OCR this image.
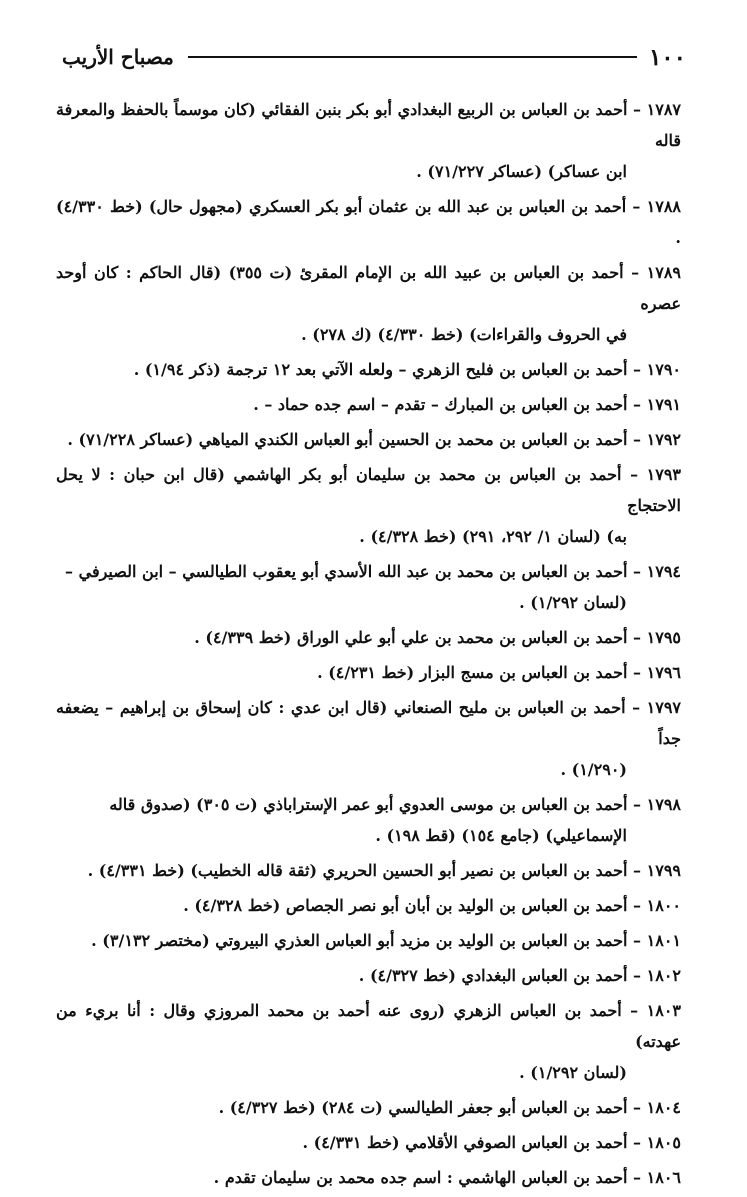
١٠٠
مصباح الأريب
١٧٨٧ – أحمد بن العباس بن الربيع البغدادي أبو بكر بنبن الفقائي (كان موسماً بالحفظ والمعرفة قاله
ابن عساكر) (عساكر ٧١/٢٢٧) .
١٧٨٨ – أحمد بن العباس بن عبد الله بن عثمان أبو بكر العسكري (مجهول حال) (خط ٤/٣٣٠) .
١٧٨٩ – أحمد بن العباس بن عبيد الله بن الإمام المقرئ (ت ٣٥٥) (قال الحاكم : كان أوحد عصره
في الحروف والقراءات) (خط ٤/٣٣٠) (ك ٢٧٨) .
١٧٩٠ – أحمد بن العباس بن فليح الزهري – ولعله الآتي بعد ١٢ ترجمة (ذكر ١/٩٤) .
١٧٩١ – أحمد بن العباس بن المبارك – تقدم – اسم جده حماد – .
١٧٩٢ – أحمد بن العباس بن محمد بن الحسين أبو العباس الكندي المياهي (عساكر ٧١/٢٢٨) .
١٧٩٣ – أحمد بن العباس بن محمد بن سليمان أبو بكر الهاشمي (قال ابن حبان : لا يحل الاحتجاج
به) (لسان ١/ ٢٩٢، ٢٩١) (خط ٤/٣٢٨) .
١٧٩٤ – أحمد بن العباس بن محمد بن عبد الله الأسدي أبو يعقوب الطيالسي – ابن الصيرفي –
(لسان ١/٢٩٢) .
١٧٩٥ – أحمد بن العباس بن محمد بن علي أبو علي الوراق (خط ٤/٣٣٩) .
١٧٩٦ – أحمد بن العباس بن مسج البزار (خط ٤/٢٣١) .
١٧٩٧ – أحمد بن العباس بن مليح الصنعاني (قال ابن عدي : كان إسحاق بن إبراهيم – يضعفه جداً
(١/٢٩٠) .
١٧٩٨ – أحمد بن العباس بن موسى العدوي أبو عمر الإستراباذي (ت ٣٠٥) (صدوق قاله
الإسماعيلي) (جامع ١٥٤) (قط ١٩٨) .
١٧٩٩ – أحمد بن العباس بن نصير أبو الحسين الحريري (ثقة قاله الخطيب) (خط ٤/٣٣١) .
١٨٠٠ – أحمد بن العباس بن الوليد بن أبان أبو نصر الجصاص (خط ٤/٣٢٨) .
١٨٠١ – أحمد بن العباس بن الوليد بن مزيد أبو العباس العذري البيروتي (مختصر ٣/١٣٢) .
١٨٠٢ – أحمد بن العباس البغدادي (خط ٤/٣٢٧) .
١٨٠٣ – أحمد بن العباس الزهري (روى عنه أحمد بن محمد المروزي وقال : أنا بريء من عهدته)
(لسان ١/٢٩٢) .
١٨٠٤ – أحمد بن العباس أبو جعفر الطيالسي (ت ٢٨٤) (خط ٤/٣٢٧) .
١٨٠٥ – أحمد بن العباس الصوفي الأقلامي (خط ٤/٣٣١) .
١٨٠٦ – أحمد بن العباس الهاشمي : اسم جده محمد بن سليمان تقدم .
